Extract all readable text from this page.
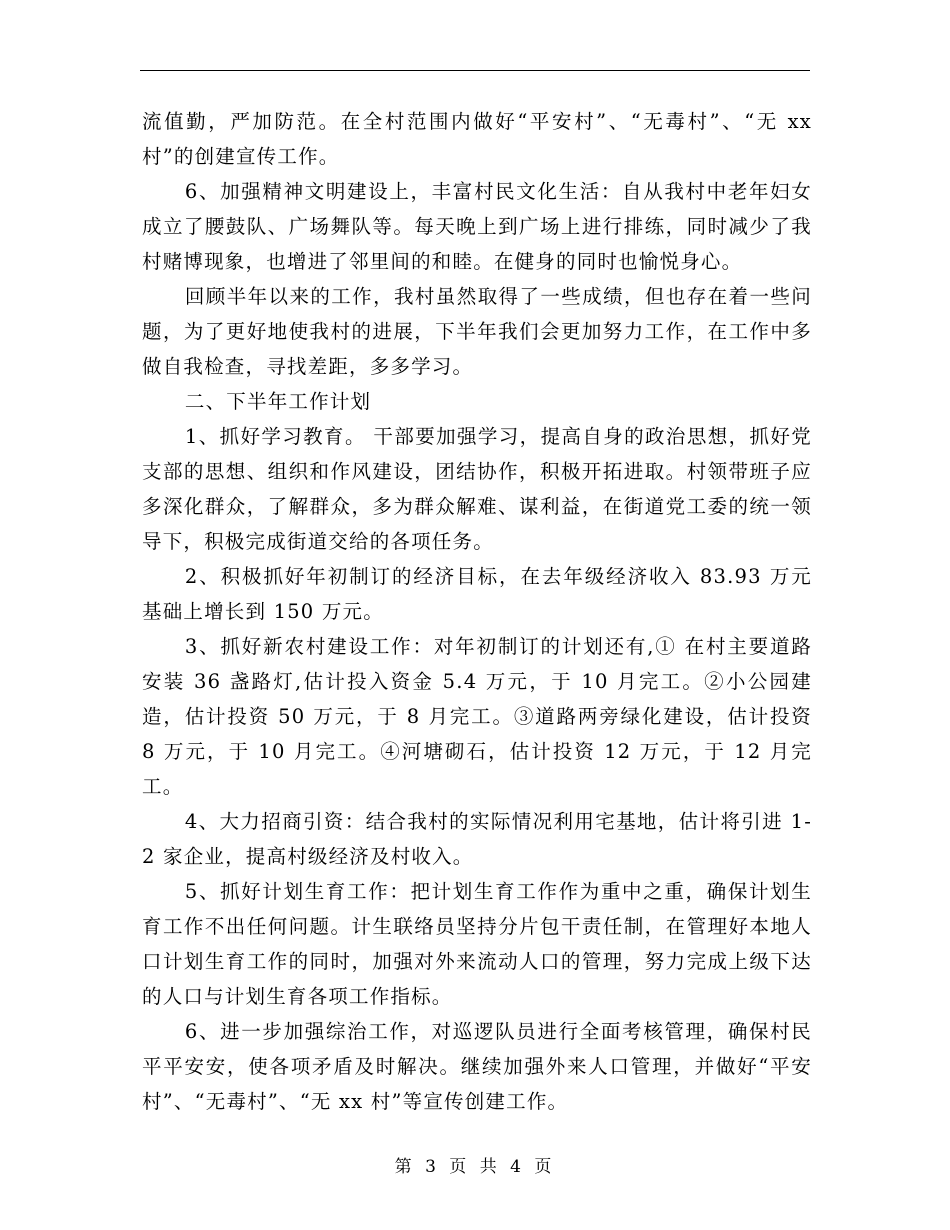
流值勤，严加防范。在全村范围内做好“平安村”、“无毒村”、“无 xx 村”的创建宣传工作。

6、加强精神文明建设上，丰富村民文化生活：自从我村中老年妇女成立了腰鼓队、广场舞队等。每天晚上到广场上进行排练，同时减少了我村赌博现象，也增进了邻里间的和睦。在健身的同时也愉悦身心。

回顾半年以来的工作，我村虽然取得了一些成绩，但也存在着一些问题，为了更好地使我村的进展，下半年我们会更加努力工作，在工作中多做自我检查，寻找差距，多多学习。

二、下半年工作计划

1、抓好学习教育。 干部要加强学习，提高自身的政治思想，抓好党支部的思想、组织和作风建设，团结协作，积极开拓进取。村领带班子应多深化群众，了解群众，多为群众解难、谋利益，在街道党工委的统一领导下，积极完成街道交给的各项任务。

2、积极抓好年初制订的经济目标，在去年级经济收入 83.93 万元基础上增长到 150 万元。

3、抓好新农村建设工作：对年初制订的计划还有,① 在村主要道路安装 36 盏路灯,估计投入资金 5.4 万元，于 10 月完工。②小公园建造，估计投资 50 万元，于 8 月完工。③道路两旁绿化建设，估计投资 8 万元，于 10 月完工。④河塘砌石，估计投资 12 万元，于 12 月完工。

4、大力招商引资：结合我村的实际情况利用宅基地，估计将引进 1-2 家企业，提高村级经济及村收入。

5、抓好计划生育工作：把计划生育工作作为重中之重，确保计划生育工作不出任何问题。计生联络员坚持分片包干责任制，在管理好本地人口计划生育工作的同时，加强对外来流动人口的管理，努力完成上级下达的人口与计划生育各项工作指标。

6、进一步加强综治工作，对巡逻队员进行全面考核管理，确保村民平平安安，使各项矛盾及时解决。继续加强外来人口管理，并做好“平安村”、“无毒村”、“无 xx 村”等宣传创建工作。

第 3 页 共 4 页
